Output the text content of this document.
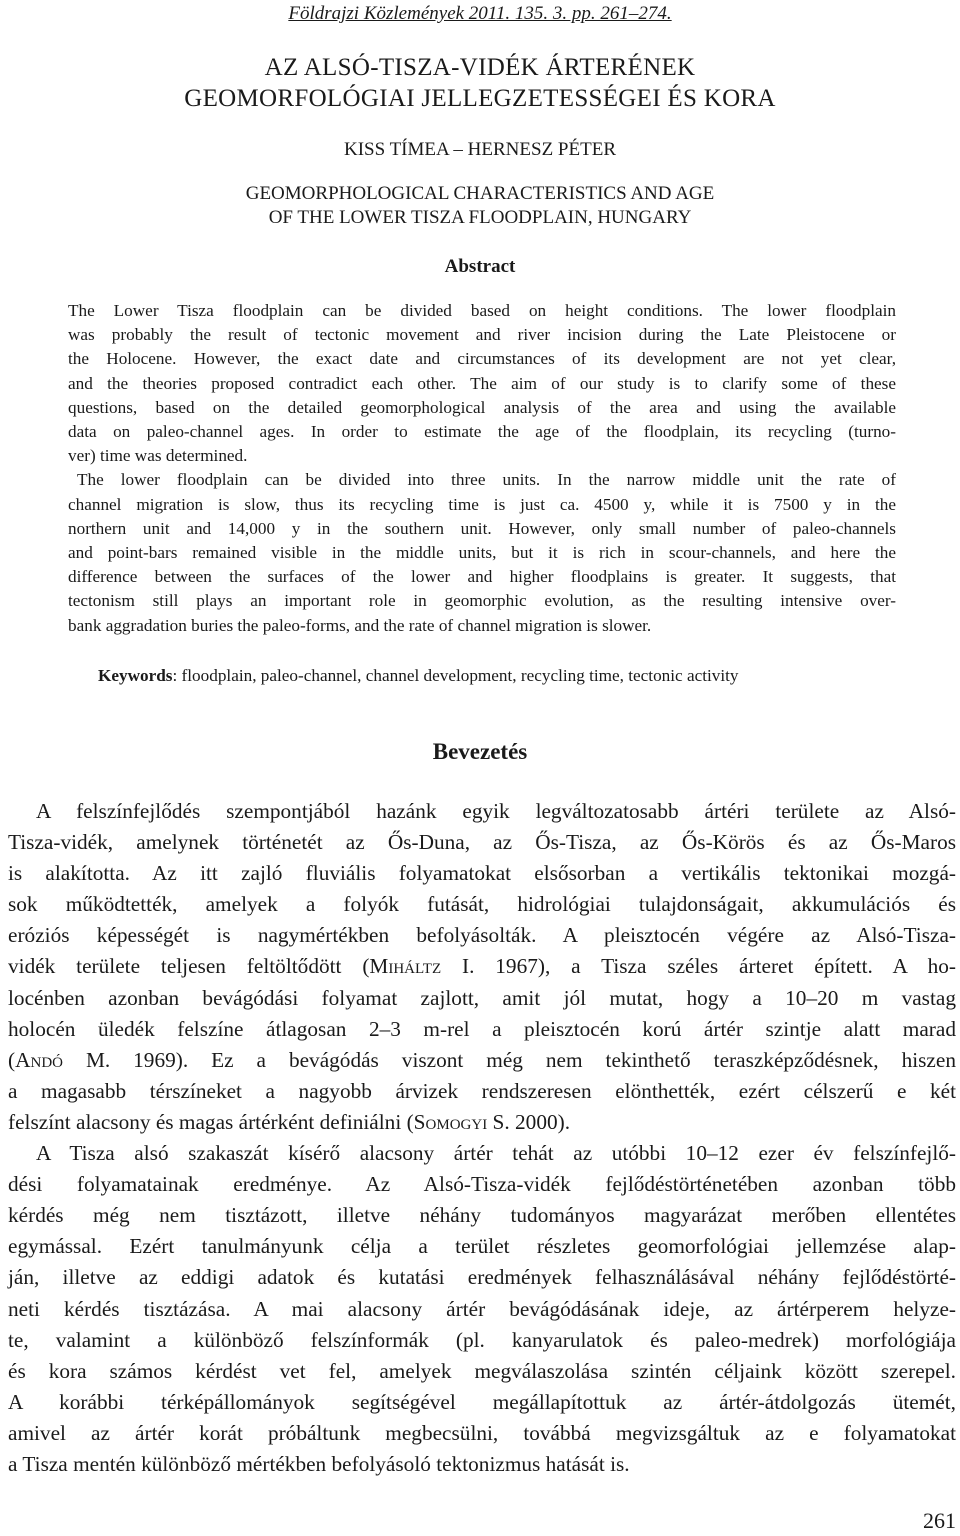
Földrajzi Közlemények 2011. 135. 3. pp. 261–274.
AZ ALSÓ-TISZA-VIDÉK ÁRTERÉNEK
GEOMORFOLÓGIAI JELLEGZETESSÉGEI ÉS KORA
KISS TÍMEA – HERNESZ PÉTER
GEOMORPHOLOGICAL CHARACTERISTICS AND AGE
OF THE LOWER TISZA FLOODPLAIN, HUNGARY
Abstract

The Lower Tisza floodplain can be divided based on height conditions. The lower floodplain

was probably the result of tectonic movement and river incision during the Late Pleistocene or

the Holocene. However, the exact date and circumstances of its development are not yet clear,

and the theories proposed contradict each other. The aim of our study is to clarify some of these

questions, based on the detailed geomorphological analysis of the area and using the available

data on paleo-channel ages. In order to estimate the age of the floodplain, its recycling (turno-

ver) time was determined.

The lower floodplain can be divided into three units. In the narrow middle unit the rate of

channel migration is slow, thus its recycling time is just ca. 4500 y, while it is 7500 y in the

northern unit and 14,000 y in the southern unit. However, only small number of paleo-channels

and point-bars remained visible in the middle units, but it is rich in scour-channels, and here the

difference between the surfaces of the lower and higher floodplains is greater. It suggests, that

tectonism still plays an important role in geomorphic evolution, as the resulting intensive over-

bank aggradation buries the paleo-forms, and the rate of channel migration is slower.

Keywords: floodplain, paleo-channel, channel development, recycling time, tectonic activity
Bevezetés

A felszínfejlődés szempontjából hazánk egyik legváltozatosabb ártéri területe az Alsó-

Tisza-vidék, amelynek történetét az Ős-Duna, az Ős-Tisza, az Ős-Körös és az Ős-Maros

is alakította. Az itt zajló fluviális folyamatokat elsősorban a vertikális tektonikai mozgá-

sok működtették, amelyek a folyók futását, hidrológiai tulajdonságait, akkumulációs és

eróziós képességét is nagymértékben befolyásolták. A pleisztocén végére az Alsó-Tisza-

vidék területe teljesen feltöltődött (Miháltz I. 1967), a Tisza széles árteret épített. A ho-

locénben azonban bevágódási folyamat zajlott, amit jól mutat, hogy a 10–20 m vastag

holocén üledék felszíne átlagosan 2–3 m-rel a pleisztocén korú ártér szintje alatt marad

(Andó M. 1969). Ez a bevágódás viszont még nem tekinthető teraszképződésnek, hiszen

a magasabb térszíneket a nagyobb árvizek rendszeresen elönthették, ezért célszerű e két

felszínt alacsony és magas ártérként definiálni (Somogyi S. 2000).

A Tisza alsó szakaszát kísérő alacsony ártér tehát az utóbbi 10–12 ezer év felszínfejlő-

dési folyamatainak eredménye. Az Alsó-Tisza-vidék fejlődéstörténetében azonban több

kérdés még nem tisztázott, illetve néhány tudományos magyarázat merőben ellentétes

egymással. Ezért tanulmányunk célja a terület részletes geomorfológiai jellemzése alap-

ján, illetve az eddigi adatok és kutatási eredmények felhasználásával néhány fejlődéstörté-

neti kérdés tisztázása. A mai alacsony ártér bevágódásának ideje, az ártérperem helyze-

te, valamint a különböző felszínformák (pl. kanyarulatok és paleo-medrek) morfológiája

és kora számos kérdést vet fel, amelyek megválaszolása szintén céljaink között szerepel.

A korábbi térképállományok segítségével megállapítottuk az ártér-átdolgozás ütemét,

amivel az ártér korát próbáltunk megbecsülni, továbbá megvizsgáltuk az e folyamatokat

a Tisza mentén különböző mértékben befolyásoló tektonizmus hatását is.

261
